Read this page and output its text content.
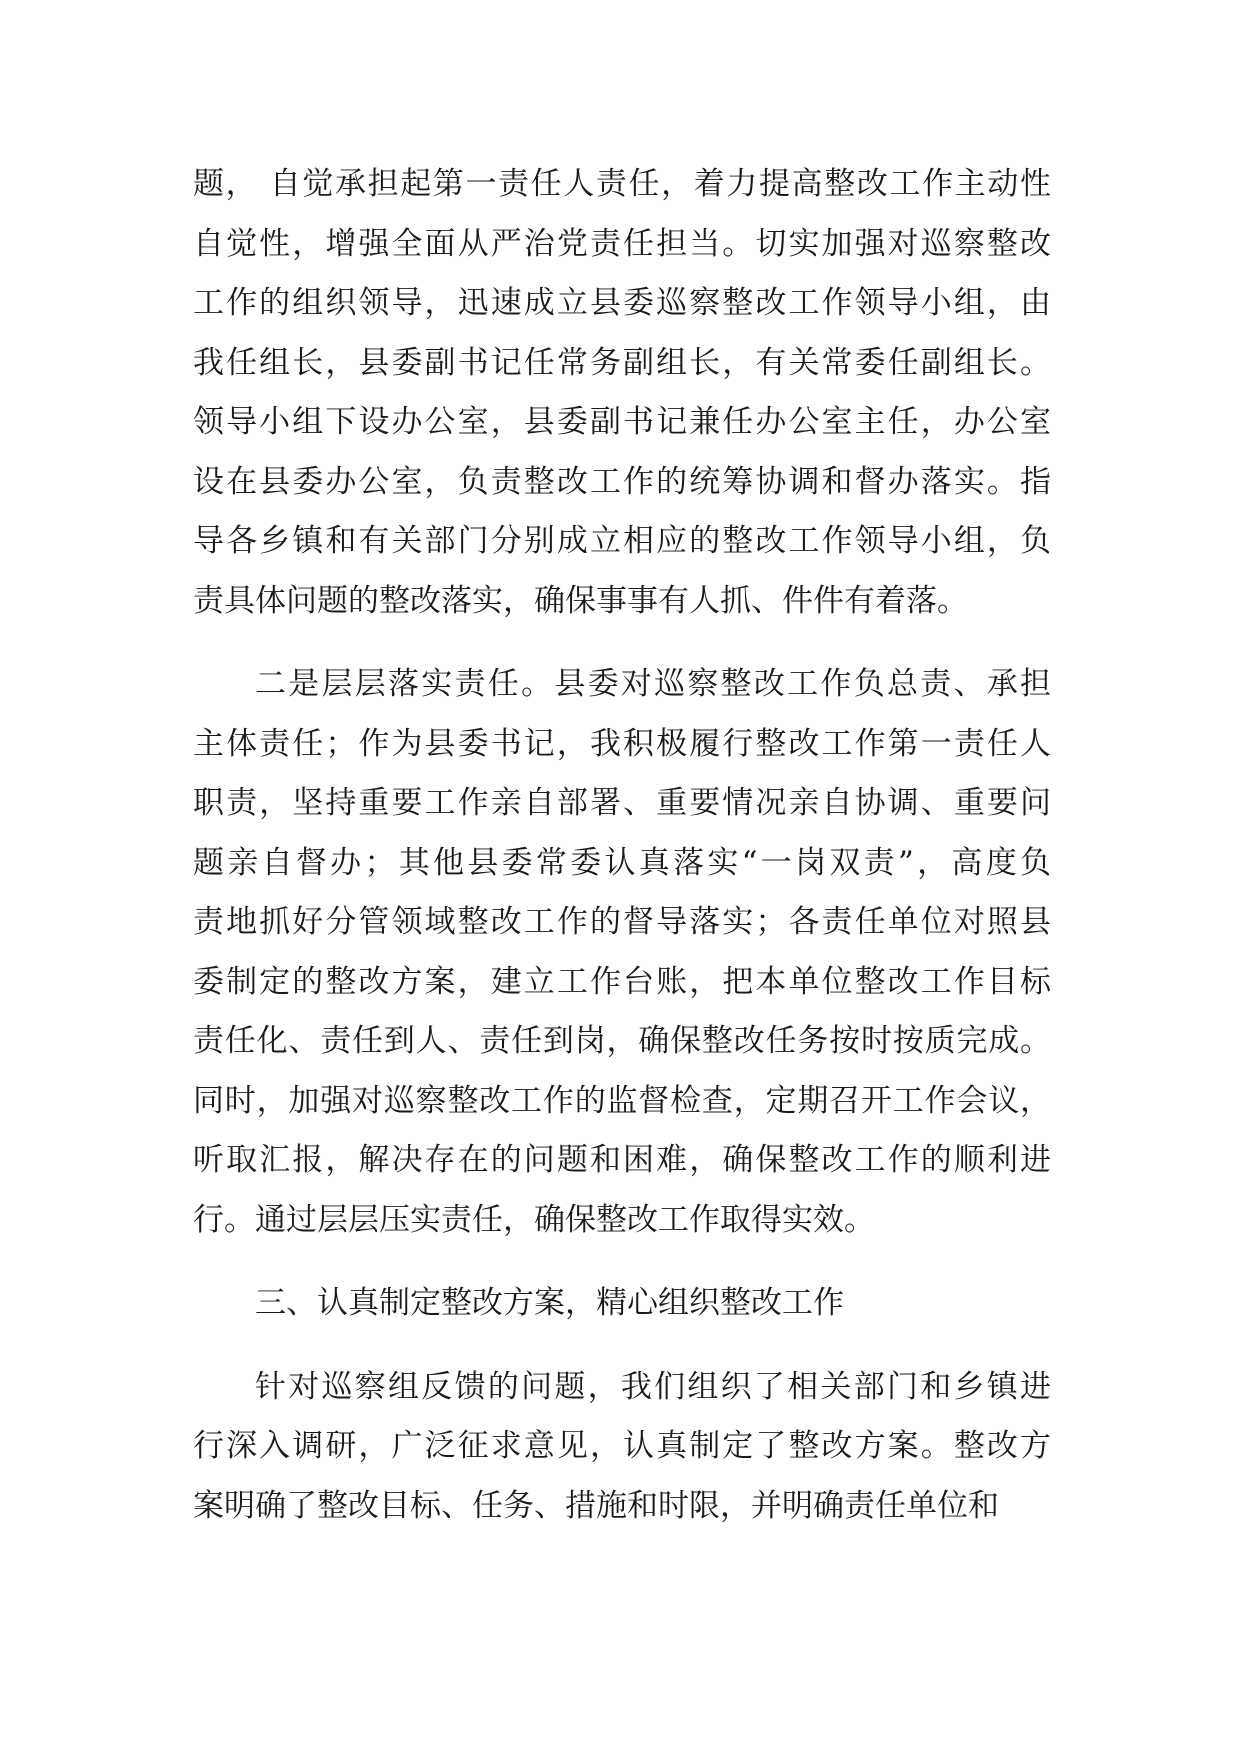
题， 自觉承担起第一责任人责任，着力提高整改工作主动性
自觉性，增强全面从严治党责任担当。切实加强对巡察整改
工作的组织领导，迅速成立县委巡察整改工作领导小组，由
我任组长，县委副书记任常务副组长，有关常委任副组长。
领导小组下设办公室，县委副书记兼任办公室主任，办公室
设在县委办公室，负责整改工作的统筹协调和督办落实。指
导各乡镇和有关部门分别成立相应的整改工作领导小组，负
责具体问题的整改落实，确保事事有人抓、件件有着落。
二是层层落实责任。县委对巡察整改工作负总责、承担
主体责任；作为县委书记，我积极履行整改工作第一责任人
职责，坚持重要工作亲自部署、重要情况亲自协调、重要问
题亲自督办；其他县委常委认真落实“一岗双责”，高度负
责地抓好分管领域整改工作的督导落实；各责任单位对照县
委制定的整改方案，建立工作台账，把本单位整改工作目标
责任化、责任到人、责任到岗，确保整改任务按时按质完成。
同时，加强对巡察整改工作的监督检查，定期召开工作会议，
听取汇报，解决存在的问题和困难，确保整改工作的顺利进
行。通过层层压实责任，确保整改工作取得实效。
三、认真制定整改方案，精心组织整改工作
针对巡察组反馈的问题，我们组织了相关部门和乡镇进
行深入调研，广泛征求意见，认真制定了整改方案。整改方
案明确了整改目标、任务、措施和时限，并明确责任单位和
